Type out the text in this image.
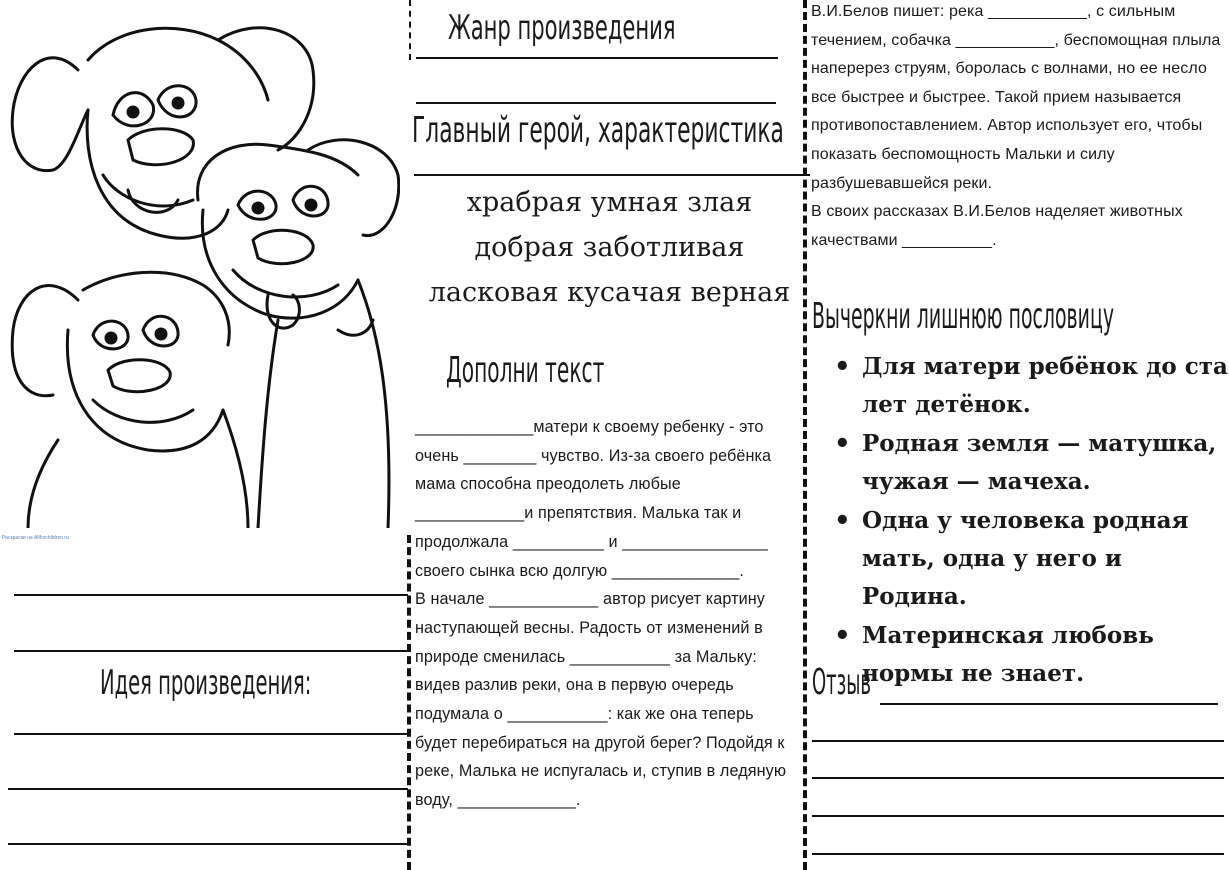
Раскраски на Allforchildren.ru
Идея произведения:
Жанр произведения
Главный герой, характеристика
храбрая умная злая
добрая заботливая
ласковая кусачая верная
Дополни текст

_____________матери к своему ребенку - это очень ________ чувство. Из-за своего ребёнка мама способна преодолеть любые ____________и препятствия. Малька так и продолжала __________ и ________________ своего сынка всю долгую ______________.

В начале ____________ автор рисует картину наступающей весны. Радость от изменений в природе сменилась ___________ за Мальку: видев разлив реки, она в первую очередь подумала о ___________: как же она теперь будет перебираться на другой берег? Подойдя к реке, Малька не испугалась и, ступив в ледяную воду, _____________.

В.И.Белов пишет: река ___________, с сильным течением, собачка ___________, беспомощная плыла наперерез струям, боролась с волнами, но ее несло все быстрее и быстрее. Такой прием называется противопоставлением. Автор использует его, чтобы показать беспомощность Мальки и силу разбушевавшейся реки.

В своих рассказах В.И.Белов наделяет животных качествами __________.

Вычеркни лишнюю пословицу
• Для матери ребёнок до ста лет детёнок.
• Родная земля — матушка, чужая — мачеха.
• Одна у человека родная мать, одна у него и Родина.
• Материнская любовь нормы не знает.
Отзыв
